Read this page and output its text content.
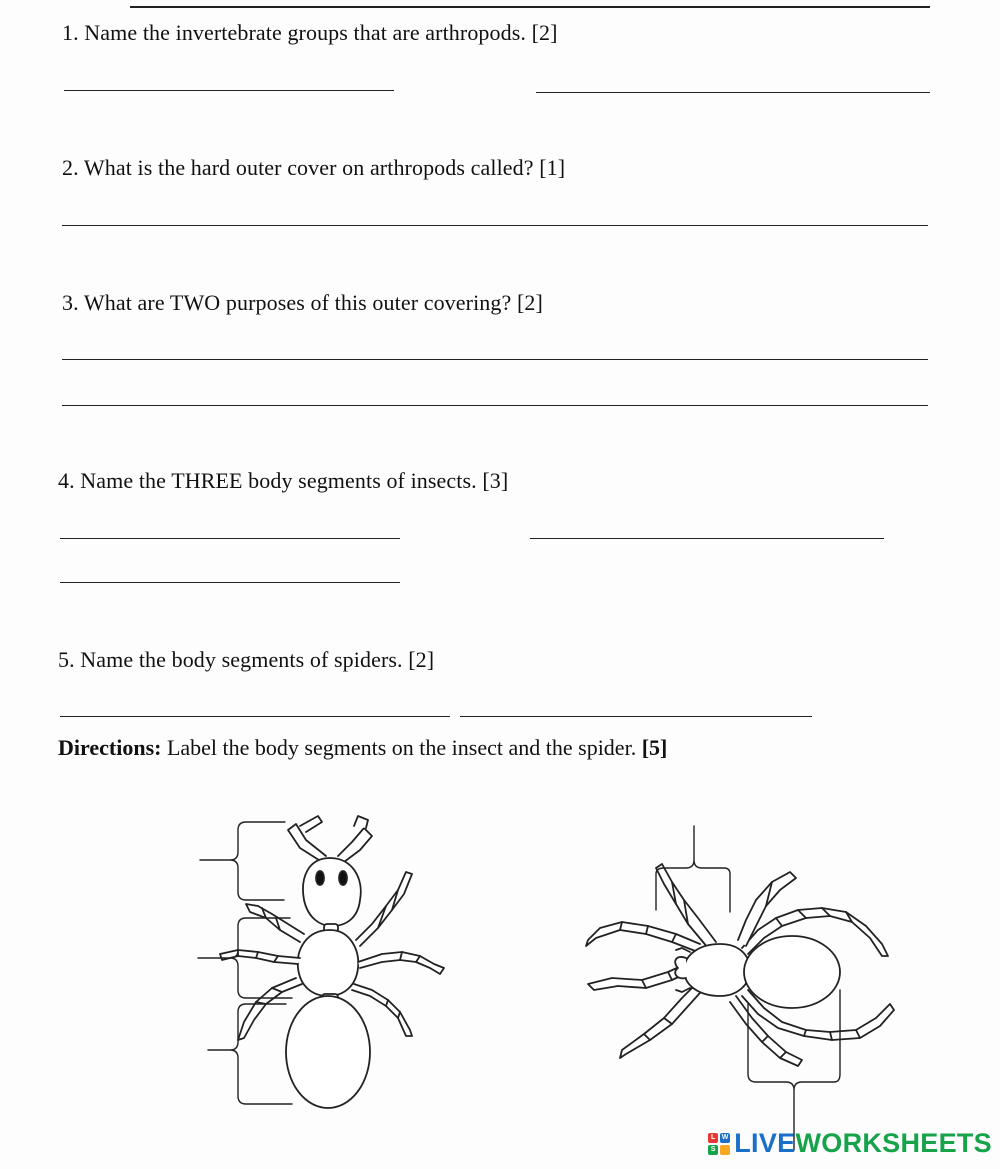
1. Name the invertebrate groups that are arthropods. [2]
2. What is the hard outer cover on arthropods called? [1]
3. What are TWO purposes of this outer covering? [2]
4. Name the THREE body segments of insects. [3]
5. Name the body segments of spiders. [2]
Directions: Label the body segments on the insect and the spider. [5]
L W
S LIVE WORKSHEETS
